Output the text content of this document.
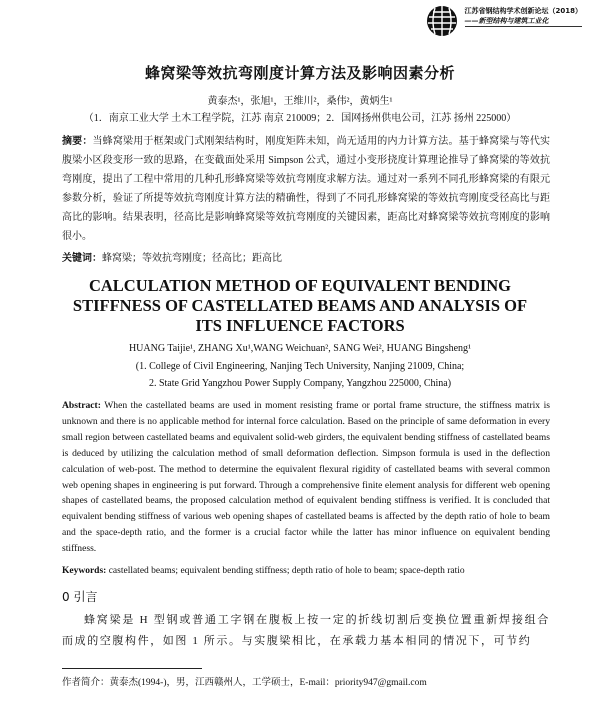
江苏省钢结构学术创新论坛（2018）
——新型结构与建筑工业化
蜂窝梁等效抗弯刚度计算方法及影响因素分析
黄泰杰¹，张旭¹，王维川²，桑伟²，黄炳生¹
（1．南京工业大学 土木工程学院，江苏 南京 210009；2．国网扬州供电公司，江苏 扬州 225000）
摘要：当蜂窝梁用于框架或门式刚架结构时，刚度矩阵未知，尚无适用的内力计算方法。基于蜂窝梁与等代实腹梁小区段变形一致的思路，在变截面处采用 Simpson 公式，通过小变形挠度计算理论推导了蜂窝梁的等效抗弯刚度，提出了工程中常用的几种孔形蜂窝梁等效抗弯刚度求解方法。通过对一系列不同孔形蜂窝梁的有限元参数分析，验证了所提等效抗弯刚度计算方法的精确性，得到了不同孔形蜂窝梁的等效抗弯刚度受径高比与距高比的影响。结果表明，径高比是影响蜂窝梁等效抗弯刚度的关键因素，距高比对蜂窝梁等效抗弯刚度的影响很小。
关键词：蜂窝梁；等效抗弯刚度；径高比；距高比
CALCULATION METHOD OF EQUIVALENT BENDING
STIFFNESS OF CASTELLATED BEAMS AND ANALYSIS OF
ITS INFLUENCE FACTORS
HUANG Taijie¹, ZHANG Xu¹,WANG Weichuan², SANG Wei², HUANG Bingsheng¹
(1. College of Civil Engineering, Nanjing Tech University, Nanjing 21009, China;
2. State Grid Yangzhou Power Supply Company, Yangzhou 225000, China)
Abstract: When the castellated beams are used in moment resisting frame or portal frame structure, the stiffness matrix is unknown and there is no applicable method for internal force calculation. Based on the principle of same deformation in every small region between castellated beams and equivalent solid-web girders, the equivalent bending stiffness of castellated beams is deduced by utilizing the calculation method of small deformation deflection. Simpson formula is used in the deflection calculation of web-post. The method to determine the equivalent flexural rigidity of castellated beams with several common web opening shapes in engineering is put forward. Through a comprehensive finite element analysis for different web opening shapes of castellated beams, the proposed calculation method of equivalent bending stiffness is verified. It is concluded that equivalent bending stiffness of various web opening shapes of castellated beams is affected by the depth ratio of hole to beam and the space-depth ratio, and the former is a crucial factor while the latter has minor influence on equivalent bending stiffness.
Keywords: castellated beams; equivalent bending stiffness; depth ratio of hole to beam; space-depth ratio
0 引言
蜂窝梁是 H 型钢或普通工字钢在腹板上按一定的折线切割后变换位置重新焊接组合而成的空腹构件，如图 1 所示。与实腹梁相比，在承载力基本相同的情况下，可节约
作者简介：黄泰杰(1994-)，男，江西赣州人，工学硕士，E-mail：priority947@gmail.com
